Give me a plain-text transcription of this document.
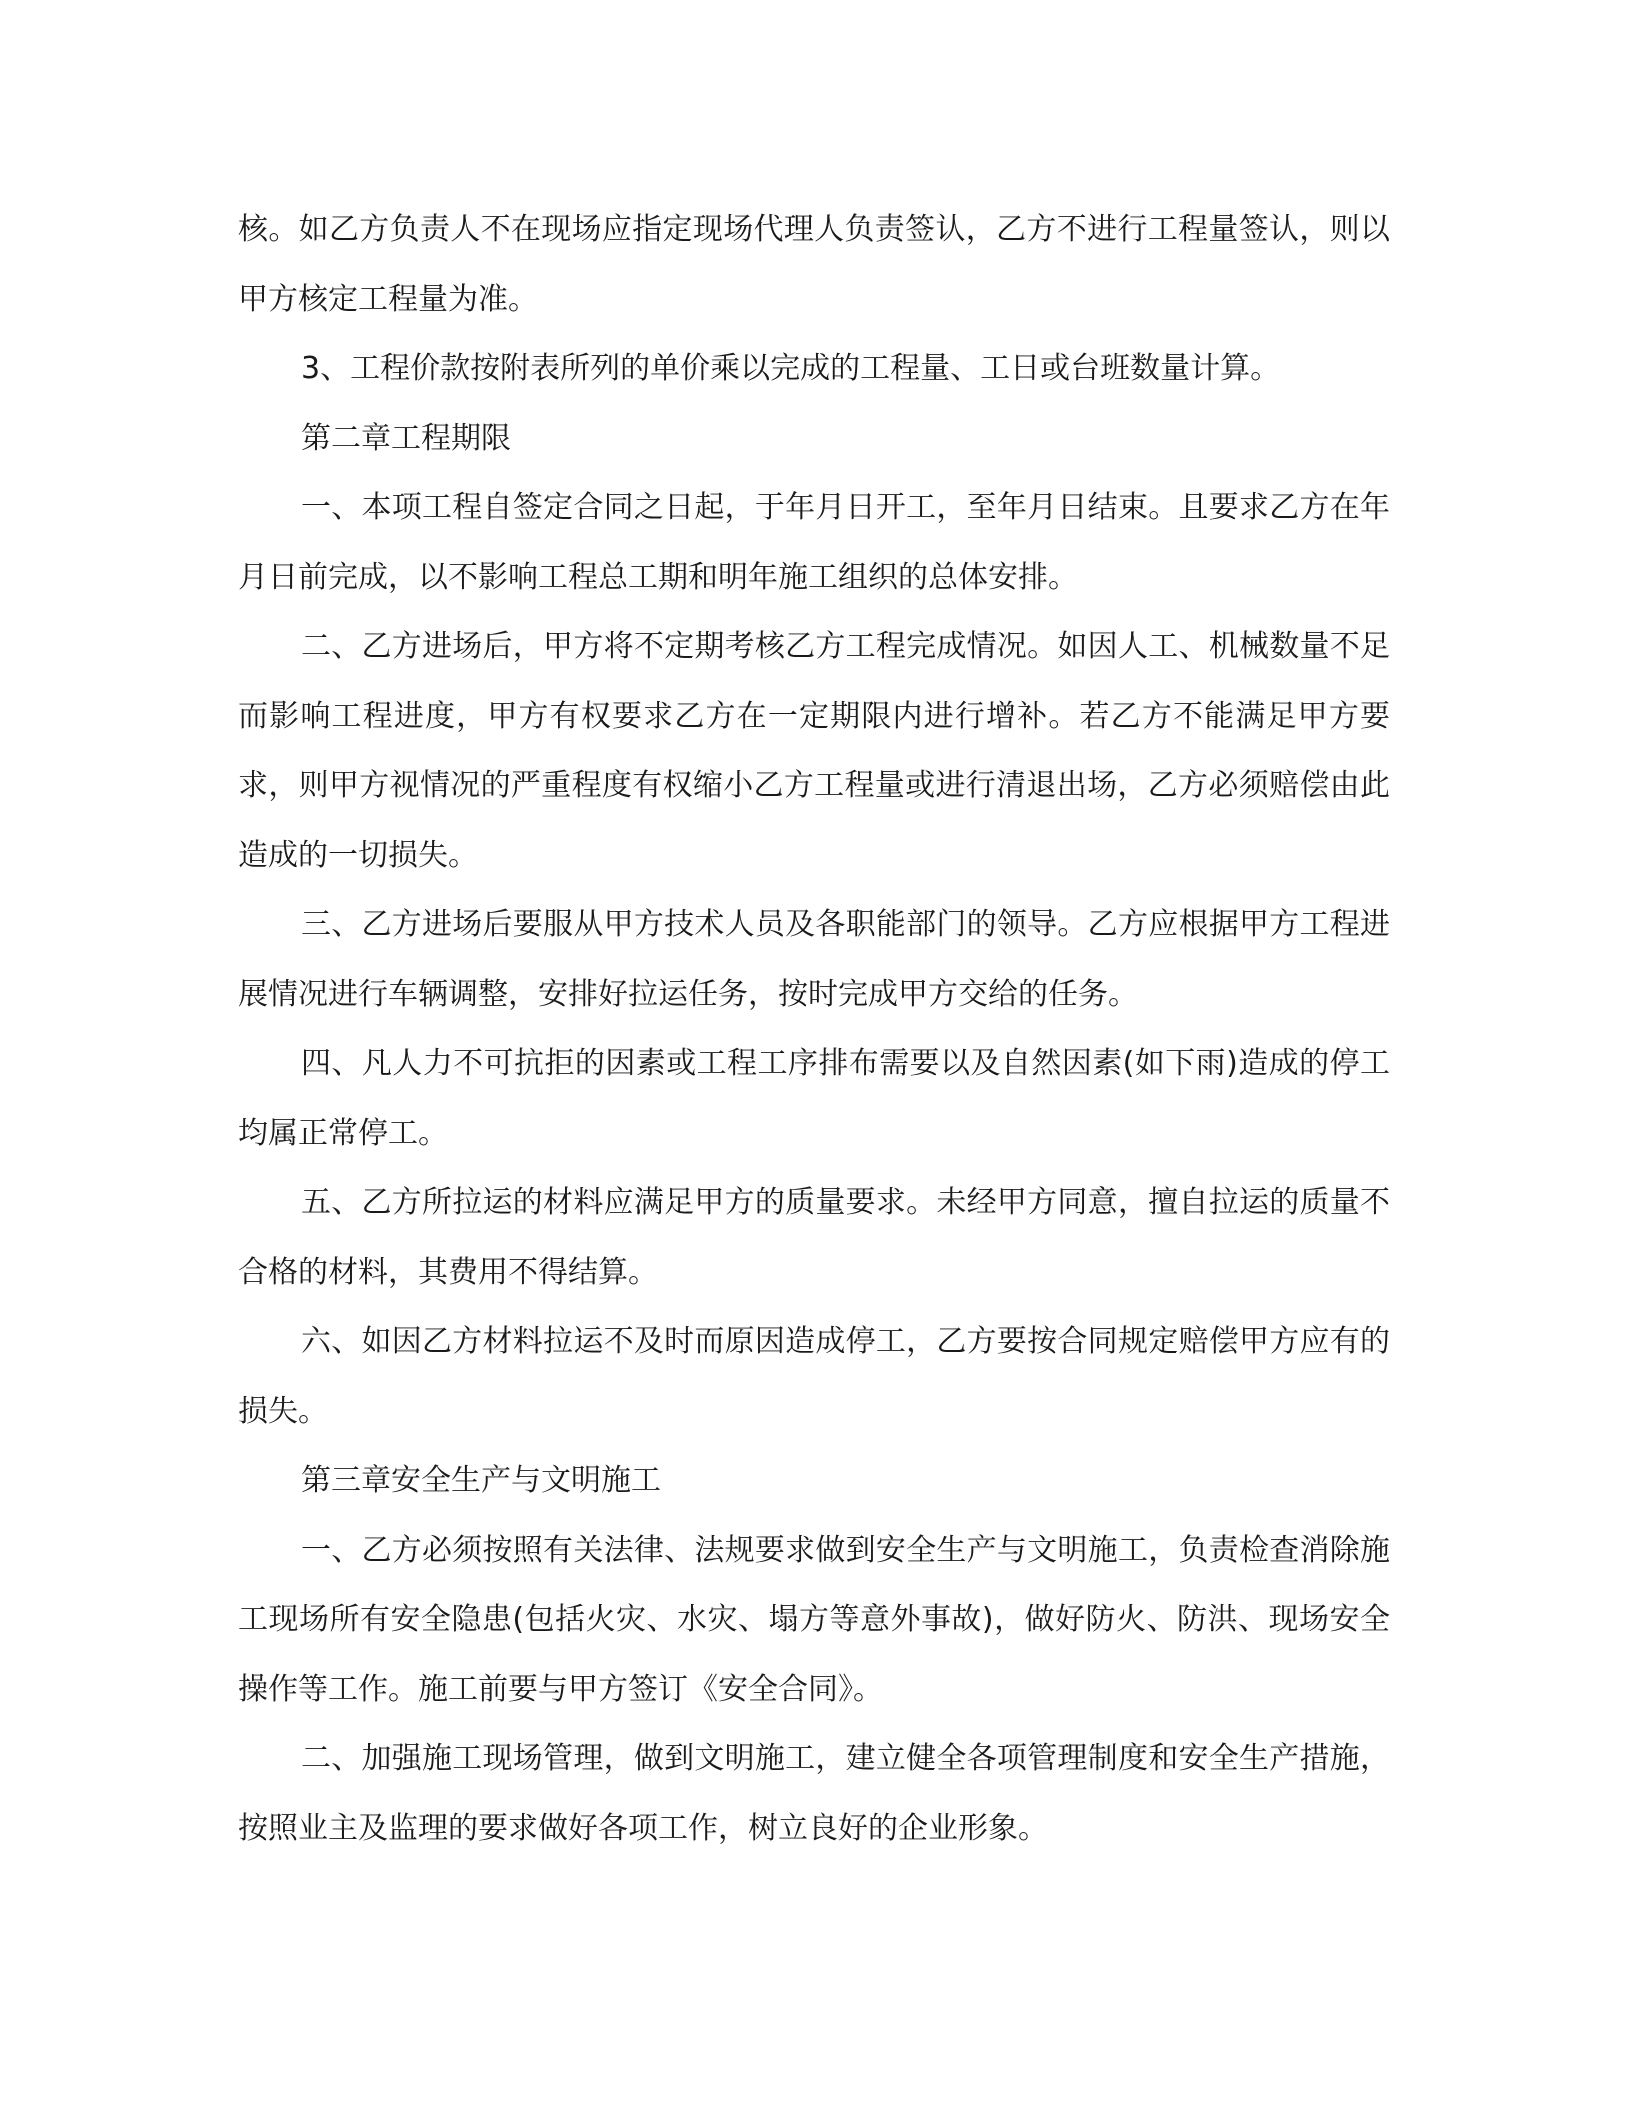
核。如乙方负责人不在现场应指定现场代理人负责签认，乙方不进行工程量签认，则以甲方核定工程量为准。

3、工程价款按附表所列的单价乘以完成的工程量、工日或台班数量计算。

第二章工程期限

一、本项工程自签定合同之日起，于年月日开工，至年月日结束。且要求乙方在年月日前完成，以不影响工程总工期和明年施工组织的总体安排。

二、乙方进场后，甲方将不定期考核乙方工程完成情况。如因人工、机械数量不足而影响工程进度，甲方有权要求乙方在一定期限内进行增补。若乙方不能满足甲方要求，则甲方视情况的严重程度有权缩小乙方工程量或进行清退出场，乙方必须赔偿由此造成的一切损失。

三、乙方进场后要服从甲方技术人员及各职能部门的领导。乙方应根据甲方工程进展情况进行车辆调整，安排好拉运任务，按时完成甲方交给的任务。

四、凡人力不可抗拒的因素或工程工序排布需要以及自然因素(如下雨)造成的停工均属正常停工。

五、乙方所拉运的材料应满足甲方的质量要求。未经甲方同意，擅自拉运的质量不合格的材料，其费用不得结算。

六、如因乙方材料拉运不及时而原因造成停工，乙方要按合同规定赔偿甲方应有的损失。

第三章安全生产与文明施工

一、乙方必须按照有关法律、法规要求做到安全生产与文明施工，负责检查消除施工现场所有安全隐患(包括火灾、水灾、塌方等意外事故)，做好防火、防洪、现场安全操作等工作。施工前要与甲方签订《安全合同》。

二、加强施工现场管理，做到文明施工，建立健全各项管理制度和安全生产措施，按照业主及监理的要求做好各项工作，树立良好的企业形象。
